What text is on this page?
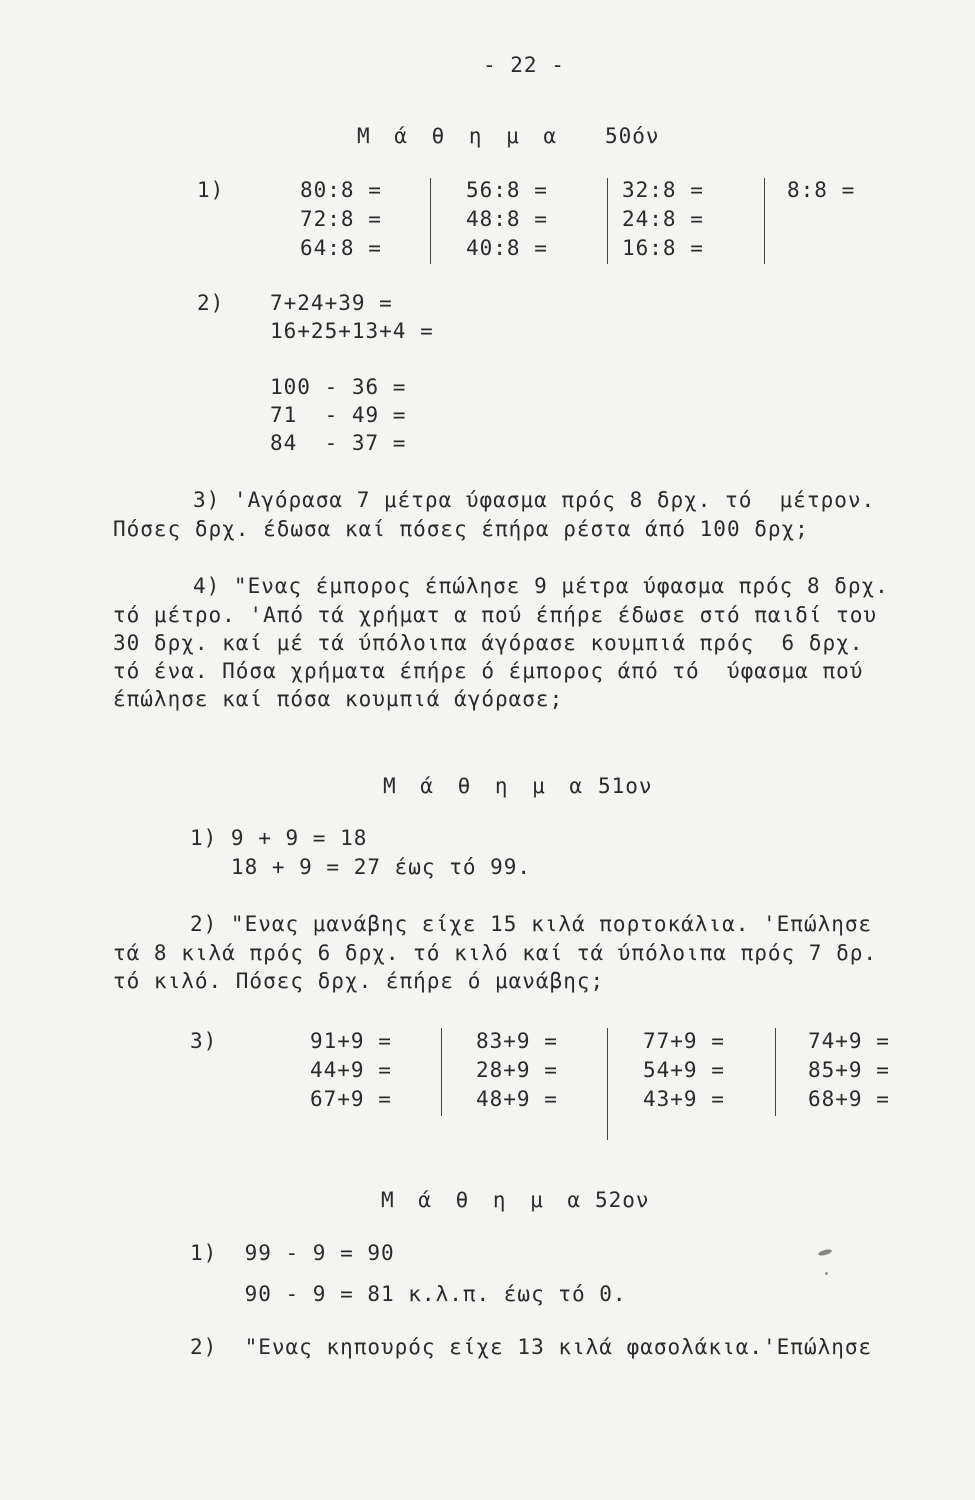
- 22 -
Μ ά θ η μ α 50όν
1)	80:8 =
72:8 =
64:8 =
56:8 =
48:8 =
40:8 =
32:8 =
24:8 =
16:8 =
8:8 =
2) 7+24+39 =
16+25+13+4 =
100 - 36 =
71  - 49 =
84  - 37 =
3) 'Αγόρασα 7 μέτρα ύφασμα πρός 8 δρχ. τό  μέτρον.
Πόσες δρχ. έδωσα καί πόσες έπήρα ρέστα άπό 100 δρχ;
4) "Ενας έμπορος έπώλησε 9 μέτρα ύφασμα πρός 8 δρχ.
τό μέτρο. 'Από τά χρήματ α πού έπήρε έδωσε στό παιδί του
30 δρχ. καί μέ τά ύπόλοιπα άγόρασε κουμπιά πρός  6 δρχ.
τό ένα. Πόσα χρήματα έπήρε ό έμπορος άπό τό  ύφασμα πού
έπώλησε καί πόσα κουμπιά άγόρασε;
Μ ά θ η μ α 51ον
1) 9 + 9 = 18
18 + 9 = 27 έως τό 99.
2) "Ενας μανάβης είχε 15 κιλά πορτοκάλια. 'Επώλησε
τά 8 κιλά πρός 6 δρχ. τό κιλό καί τά ύπόλοιπα πρός 7 δρ.
τό κιλό. Πόσες δρχ. έπήρε ό μανάβης;
3)	91+9 =
44+9 =
67+9 =
83+9 =
28+9 =
48+9 =
77+9 =
54+9 =
43+9 =
74+9 =
85+9 =
68+9 =
Μ ά θ η μ α 52ον
1)  99 - 9 = 90
90 - 9 = 81 κ.λ.π. έως τό 0.
2)  "Ενας κηπουρός είχε 13 κιλά φασολάκια.'Επώλησε
